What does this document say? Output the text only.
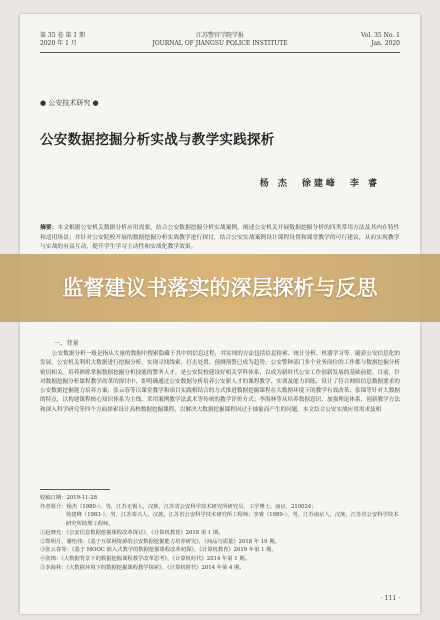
第 35 卷 第 1 期
2020 年 1 月
江苏警官学院学报
JOURNAL OF JIANGSU POLICE INSTITUTE
Vol. 35 No. 1
Jan. 2020
● 公安技术研究 ●
公安数据挖掘分析实战与教学实践探析
杨 杰　徐建峰　李 睿
摘要：本文根据公安机关数据分析应用需要，结合公安数据挖掘分析实战案例，阐述公安机关开展数据挖掘分析的四类常用方法及其内在特性和适用场景；并针对公安院校开展的数据挖掘分析实战教学进行探讨，结合公安实战案例设计课程设置和课堂教学的可行建议，从而实现教学与实战的有益互动，提升学生学习主动性和实战化教学效果。
一、背景
公安数据分析一般是指从大量的数据中搜索隐藏于其中的信息过程，其实现的方法包括信息检索、统计分析、机器学习等。随着公安信息化的发展，公安机关利用大数据进行挖掘分析，实现寻找线索、打击处置、预测预警已成为趋势。公安警种部门多个业务岗位的工作都与数据挖掘分析密切相关。培养熟练掌握数据挖掘分析技能的警务人才，是公安院校建设好相关学科体系，以成为新时代公安工作创新发展的基础前提。目前，针对数据挖掘分析课程教学改革的探讨中，即明确通过公安数据分析培养公安新人才的课程教学、实训及能力训练，设计了符合网络信息数据要求的公安数据挖掘能力培养方案；张云春等以课堂教学和项目实践相结合的方式推进数据挖掘课程在大数据环境下的教学有效改革；张锦等针对大数据的特点，以构建课程核心知识体系为主线，采用案例教学法武术等传统的教学评价方式；李海林等从培养数据意识、加强理论体系、创新教学方法和深入科学研究等四个方面探索设计高校数据挖掘课程，以解决大数据挖掘课程因过于抽象而产生的问题。本文结合公安实战应用需求及相
收稿日期：2019-11-28
作者简介：杨杰（1980-），男，江苏无锡人，汉族，江苏省公安科学技术研究所研究员，工学博士。南京，210024；
徐建峰（1983-），男，江苏泰兴人，汉族，江苏省公安科学技术研究所工程师；李睿（1989-），男，江苏南京人，汉族，江苏省公安科学技术研究所助理工程师。
①赵晓光：《公安信息数据挖掘课程改革探讨》，《计算机教育》2018 第 1 期。
②郑明月、谢怡伟：《基于互联网资源的公安数据挖掘能力培养研究》，《商品与质量》2018 年 19 期。
③张云春等：《基于 MOOC 嵌入式教学的数据挖掘课程改革初探》，《计算机教育》2019 年第 1 期。
④张锦：《大数据背景下的数据挖掘课程教学改革思考》，《计算机时代》2014 年第 1 期。
⑤李海林：《大数据环境下的数据挖掘课程教学探索》，《计算机时代》2014 年第 4 期。
· 111 ·
监督建议书落实的深层探析与反思
